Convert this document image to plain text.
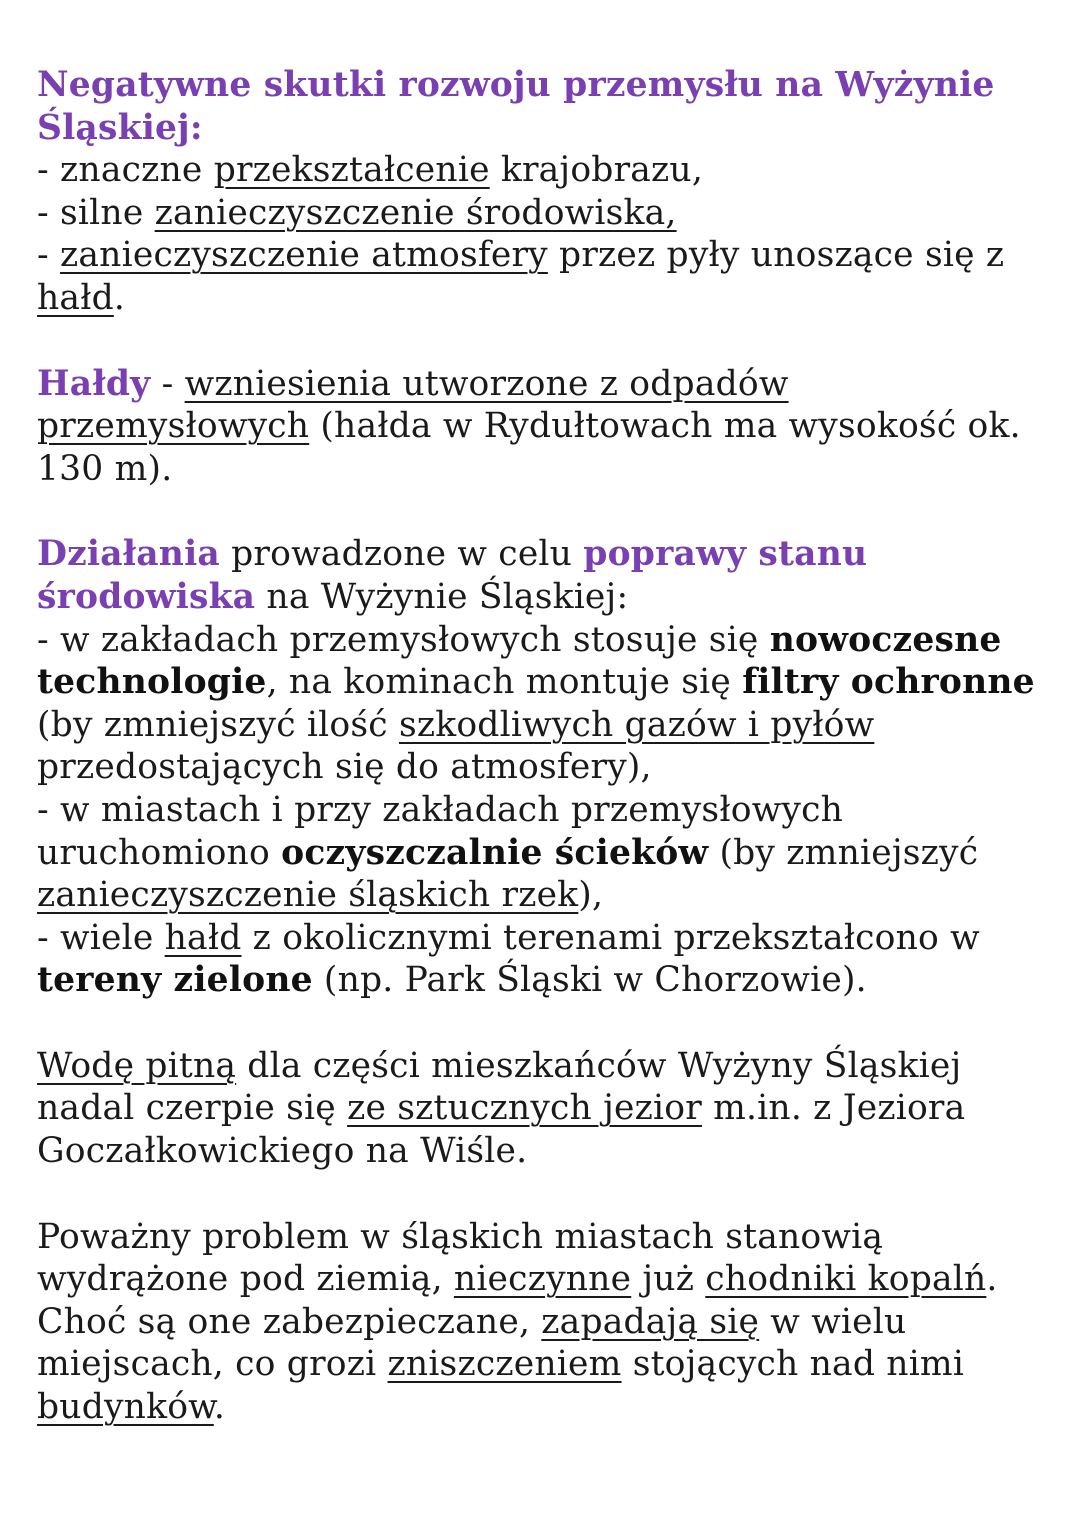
Negatywne skutki rozwoju przemysłu na Wyżynie
Śląskiej:
- znaczne przekształcenie krajobrazu,
- silne zanieczyszczenie środowiska,
- zanieczyszczenie atmosfery przez pyły unoszące się z
hałd.
Hałdy - wzniesienia utworzone z odpadów
przemysłowych (hałda w Rydułtowach ma wysokość ok.
130 m).
Działania prowadzone w celu poprawy stanu
środowiska na Wyżynie Śląskiej:
- w zakładach przemysłowych stosuje się nowoczesne
technologie, na kominach montuje się filtry ochronne
(by zmniejszyć ilość szkodliwych gazów i pyłów
przedostających się do atmosfery),
- w miastach i przy zakładach przemysłowych
uruchomiono oczyszczalnie ścieków (by zmniejszyć
zanieczyszczenie śląskich rzek),
- wiele hałd z okolicznymi terenami przekształcono w
tereny zielone (np. Park Śląski w Chorzowie).
Wodę pitną dla części mieszkańców Wyżyny Śląskiej
nadal czerpie się ze sztucznych jezior m.in. z Jeziora
Goczałkowickiego na Wiśle.
Poważny problem w śląskich miastach stanowią
wydrążone pod ziemią, nieczynne już chodniki kopalń.
Choć są one zabezpieczane, zapadają się w wielu
miejscach, co grozi zniszczeniem stojących nad nimi
budynków.
